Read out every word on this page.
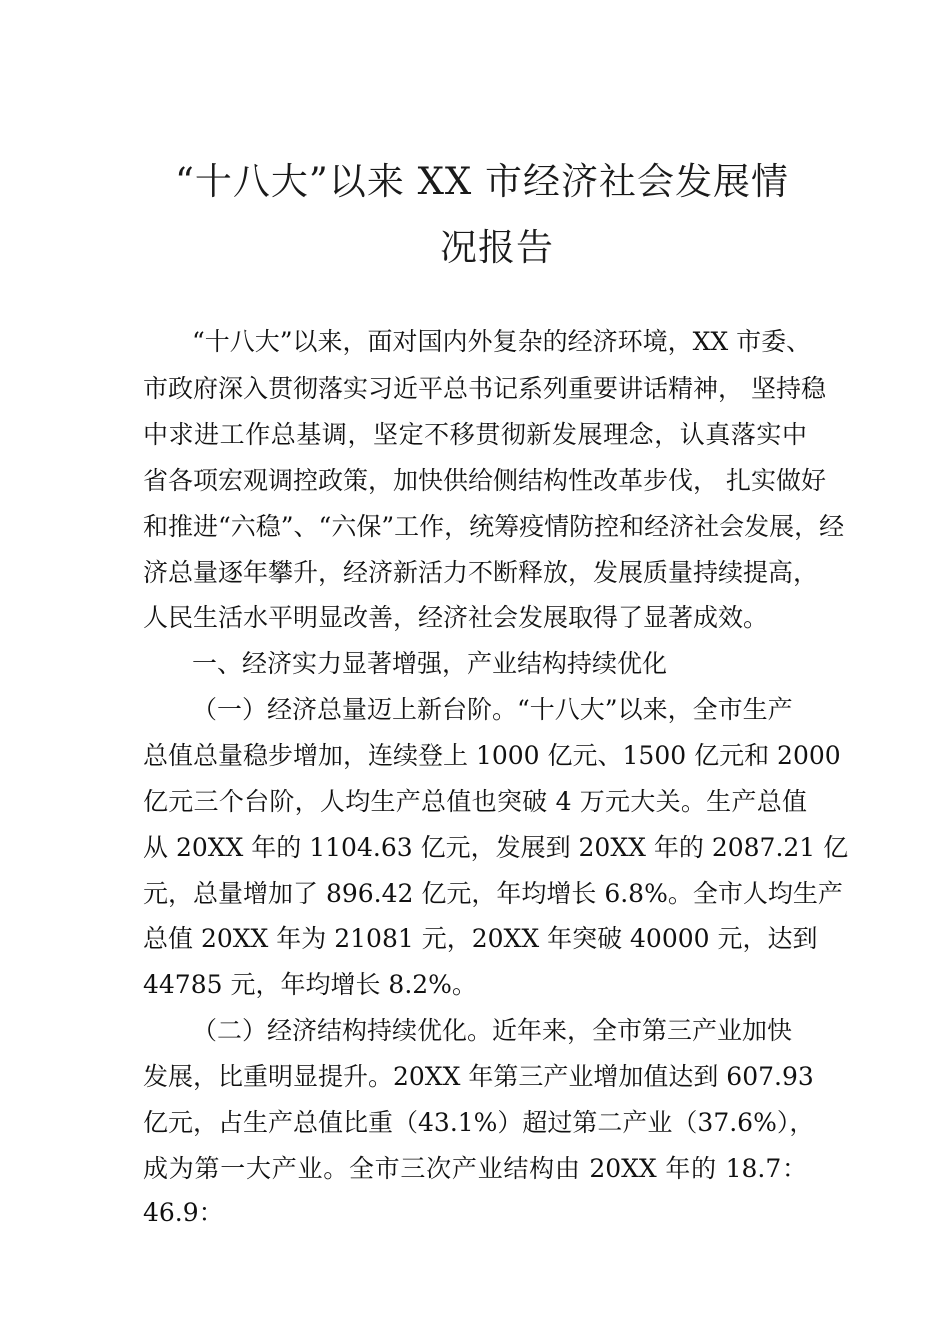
“十八大”以来 XX 市经济社会发展情
况报告
“十八大”以来，面对国内外复杂的经济环境，XX 市委、
市政府深入贯彻落实习近平总书记系列重要讲话精神， 坚持稳
中求进工作总基调，坚定不移贯彻新发展理念，认真落实中
省各项宏观调控政策，加快供给侧结构性改革步伐， 扎实做好
和推进“六稳”、“六保”工作，统筹疫情防控和经济社会发展，经
济总量逐年攀升，经济新活力不断释放，发展质量持续提高，
人民生活水平明显改善，经济社会发展取得了显著成效。
一、经济实力显著增强，产业结构持续优化
（一）经济总量迈上新台阶。“十八大”以来，全市生产
总值总量稳步增加，连续登上 1000 亿元、1500 亿元和 2000
亿元三个台阶，人均生产总值也突破 4 万元大关。生产总值
从 20XX 年的 1104.63 亿元，发展到 20XX 年的 2087.21 亿
元，总量增加了 896.42 亿元，年均增长 6.8%。全市人均生产
总值 20XX 年为 21081 元，20XX 年突破 40000 元，达到
44785 元，年均增长 8.2%。
（二）经济结构持续优化。近年来，全市第三产业加快
发展，比重明显提升。20XX 年第三产业增加值达到 607.93
亿元，占生产总值比重（43.1%）超过第二产业（37.6%），
成为第一大产业。全市三次产业结构由 20XX 年的 18.7：
46.9：
